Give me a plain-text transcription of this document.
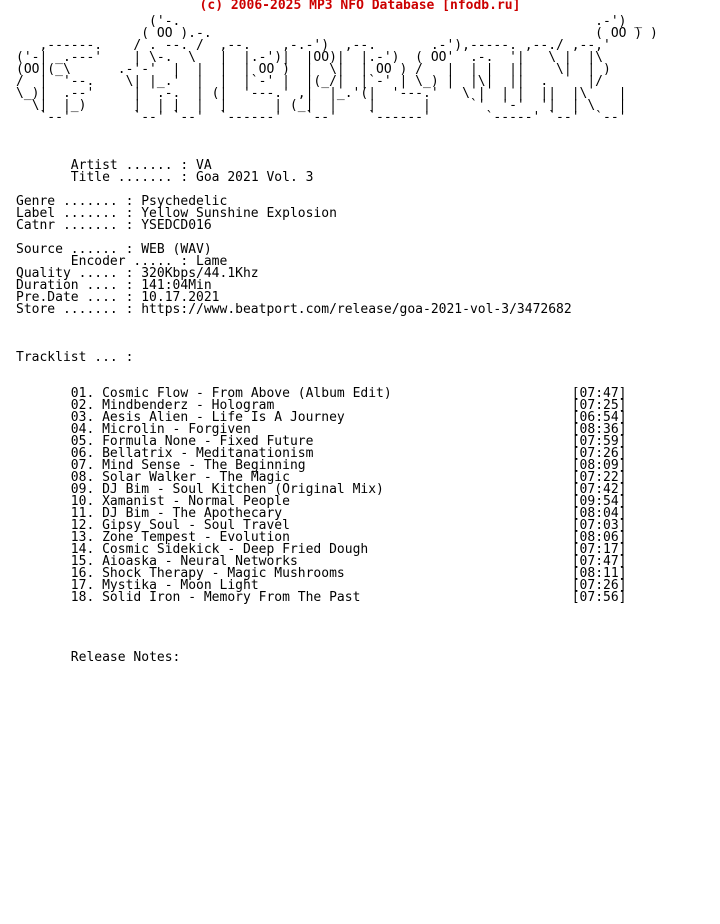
(c) 2006-2025 MP3 NFO Database [nfodb.ru]
('-.                                                     .-') _
( OO ).-.                                                 ( OO ) )
,------.    / . --. /  ,--.    ,-.-')  ,--.       .-'),-----. ,--./ ,--,'
('-| _.---'    | \-.  \   |  |.-')|  |OO)|  |.-')  ( OO'  .-.  '|   \ |  |\
(OO|(_\      .-'-'  |  |  |  | OO )  |  \|  | OO ) /   |  | |  ||    \|  | )
/  |  '--.    \| |_.'  |  |  |`-' |  |(_/|  |`-' | \_) |  |\|  ||  .     |/
\_)|  .--'     |  .-.  | (|  '---.' ,|  |_.'(|  '---.'   \ |  | |  ||  |\    |
\|  |_)      |  | |  |  |      | (_|  |    |      |     `'  '-'  '|  | \   |
`--'        `--' `--'  `------'   `--'    `------'       `-----' `--'  `--'

Artist ...... : VA
Title ....... : Goa 2021 Vol. 3

Genre ....... : Psychedelic
Label ....... : Yellow Sunshine Explosion
Catnr ....... : YSEDCD016

Source ...... : WEB (WAV)
Encoder ..... : Lame
Quality ..... : 320Kbps/44.1Khz
Duration .... : 141:04Min
Pre.Date .... : 10.17.2021
Store ....... : https://www.beatport.com/release/goa-2021-vol-3/3472682

Tracklist ... :

01. Cosmic Flow - From Above (Album Edit)	[07:47]
02. Mindbenderz - Hologram	[07:25]
03. Aesis Alien - Life Is A Journey	[06:54]
04. Microlin - Forgiven	[08:36]
05. Formula None - Fixed Future	[07:59]
06. Bellatrix - Meditanationism	[07:26]
07. Mind Sense - The Beginning	[08:09]
08. Solar Walker - The Magic	[07:22]
09. DJ Bim - Soul Kitchen (Original Mix)	[07:42]
10. Xamanist - Normal People	[09:54]
11. DJ Bim - The Apothecary	[08:04]
12. Gipsy Soul - Soul Travel	[07:03]
13. Zone Tempest - Evolution	[08:06]
14. Cosmic Sidekick - Deep Fried Dough	[07:17]
15. Aioaska - Neural Networks	[07:47]
16. Shock Therapy - Magic Mushrooms	[08:11]
17. Mystika - Moon Light	[07:26]
18. Solid Iron - Memory From The Past	[07:56]

Release Notes:
